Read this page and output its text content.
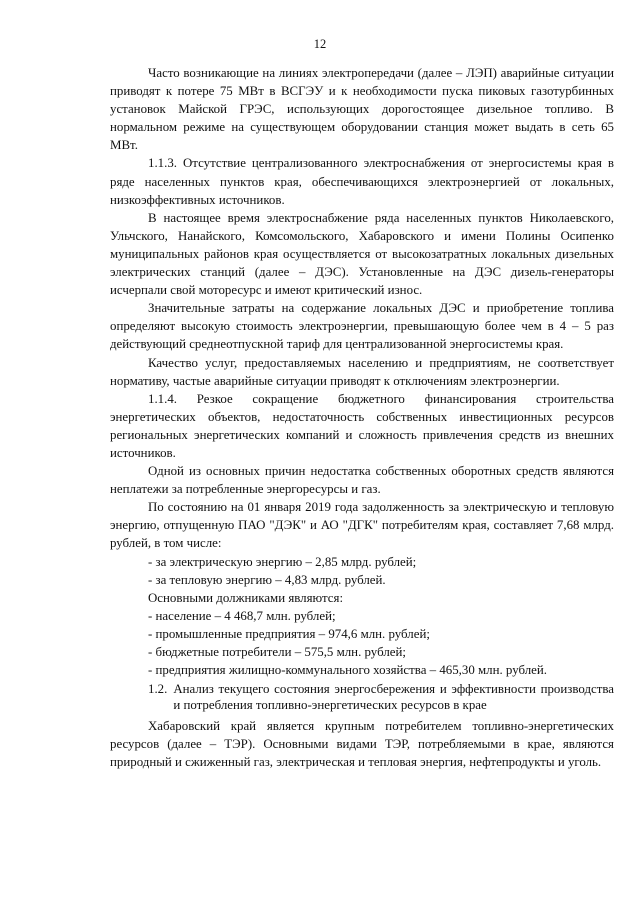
12

Часто возникающие на линиях электропередачи (далее – ЛЭП) аварийные ситуации приводят к потере 75 МВт в ВСГЭУ и к необходимости пуска пиковых газотурбинных установок Майской ГРЭС, использующих дорогостоящее дизельное топливо. В нормальном режиме на существующем оборудовании станция может выдать в сеть 65 МВт.

1.1.3. Отсутствие централизованного электроснабжения от энергосистемы края в ряде населенных пунктов края, обеспечивающихся электроэнергией от локальных, низкоэффективных источников.

В настоящее время электроснабжение ряда населенных пунктов Николаевского, Ульчского, Нанайского, Комсомольского, Хабаровского и имени Полины Осипенко муниципальных районов края осуществляется от высокозатратных локальных дизельных электрических станций (далее – ДЭС). Установленные на ДЭС дизель-генераторы исчерпали свой моторесурс и имеют критический износ.

Значительные затраты на содержание локальных ДЭС и приобретение топлива определяют высокую стоимость электроэнергии, превышающую более чем в 4 – 5 раз действующий среднеотпускной тариф для централизованной энергосистемы края.

Качество услуг, предоставляемых населению и предприятиям, не соответствует нормативу, частые аварийные ситуации приводят к отключениям электроэнергии.

1.1.4. Резкое сокращение бюджетного финансирования строительства энергетических объектов, недостаточность собственных инвестиционных ресурсов региональных энергетических компаний и сложность привлечения средств из внешних источников.

Одной из основных причин недостатка собственных оборотных средств являются неплатежи за потребленные энергоресурсы и газ.

По состоянию на 01 января 2019 года задолженность за электрическую и тепловую энергию, отпущенную ПАО "ДЭК" и АО "ДГК" потребителям края, составляет 7,68 млрд. рублей, в том числе:

- за электрическую энергию – 2,85 млрд. рублей;

- за тепловую энергию – 4,83 млрд. рублей.

Основными должниками являются:

- население – 4 468,7 млн. рублей;

- промышленные предприятия – 974,6 млн. рублей;

- бюджетные потребители – 575,5 млн. рублей;

- предприятия жилищно-коммунального хозяйства – 465,30 млн. рублей.

1.2. Анализ текущего состояния энергосбережения и эффективности производства и потребления топливно-энергетических ресурсов в крае

Хабаровский край является крупным потребителем топливно-энергетических ресурсов (далее – ТЭР). Основными видами ТЭР, потребляемыми в крае, являются природный и сжиженный газ, электрическая и тепловая энергия, нефтепродукты и уголь.
